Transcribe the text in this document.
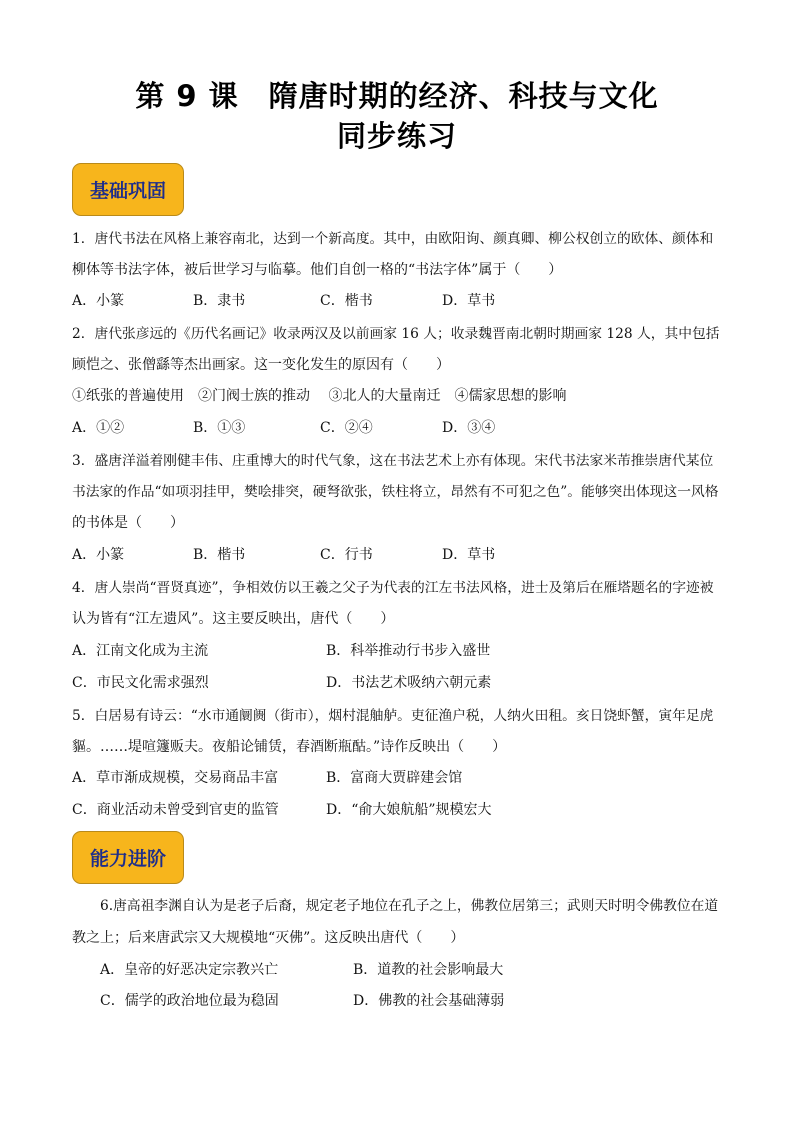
第 9 课　隋唐时期的经济、科技与文化
同步练习
基础巩固
1．唐代书法在风格上兼容南北，达到一个新高度。其中，由欧阳询、颜真卿、柳公权创立的欧体、颜体和
柳体等书法字体，被后世学习与临摹。他们自创一格的“书法字体”属于（　　）
A．小篆	B．隶书	C．楷书	D．草书
2．唐代张彦远的《历代名画记》收录两汉及以前画家 16 人；收录魏晋南北朝时期画家 128 人，其中包括
顾恺之、张僧繇等杰出画家。这一变化发生的原因有（　　）
①纸张的普遍使用　②门阀士族的推动　 ③北人的大量南迁　④儒家思想的影响
A．①②	B．①③	C．②④	D．③④
3．盛唐洋溢着刚健丰伟、庄重博大的时代气象，这在书法艺术上亦有体现。宋代书法家米芾推崇唐代某位
书法家的作品“如项羽挂甲，樊哙排突，硬弩欲张，铁柱将立，昂然有不可犯之色”。能够突出体现这一风格
的书体是（　　）
A．小篆	B．楷书	C．行书	D．草书
4．唐人崇尚“晋贤真迹”，争相效仿以王羲之父子为代表的江左书法风格，进士及第后在雁塔题名的字迹被
认为皆有“江左遗风”。这主要反映出，唐代（　　）
A．江南文化成为主流	B．科举推动行书步入盛世
C．市民文化需求强烈	D．书法艺术吸纳六朝元素
5．白居易有诗云：“水市通阛阓（街市），烟村混舳舻。吏征渔户税，人纳火田租。亥日饶虾蟹，寅年足虎
貙。……堤喧籧贩夫。夜船论铺赁，春酒断瓶酤。”诗作反映出（　　）
A．草市渐成规模，交易商品丰富	B．富商大贾辟建会馆
C．商业活动未曾受到官吏的监管	D．“俞大娘航船”规模宏大
能力进阶
6.唐高祖李渊自认为是老子后裔，规定老子地位在孔子之上，佛教位居第三；武则天时明令佛教位在道
教之上；后来唐武宗又大规模地“灭佛”。这反映出唐代（　　）
A．皇帝的好恶决定宗教兴亡	B．道教的社会影响最大
C．儒学的政治地位最为稳固	D．佛教的社会基础薄弱
